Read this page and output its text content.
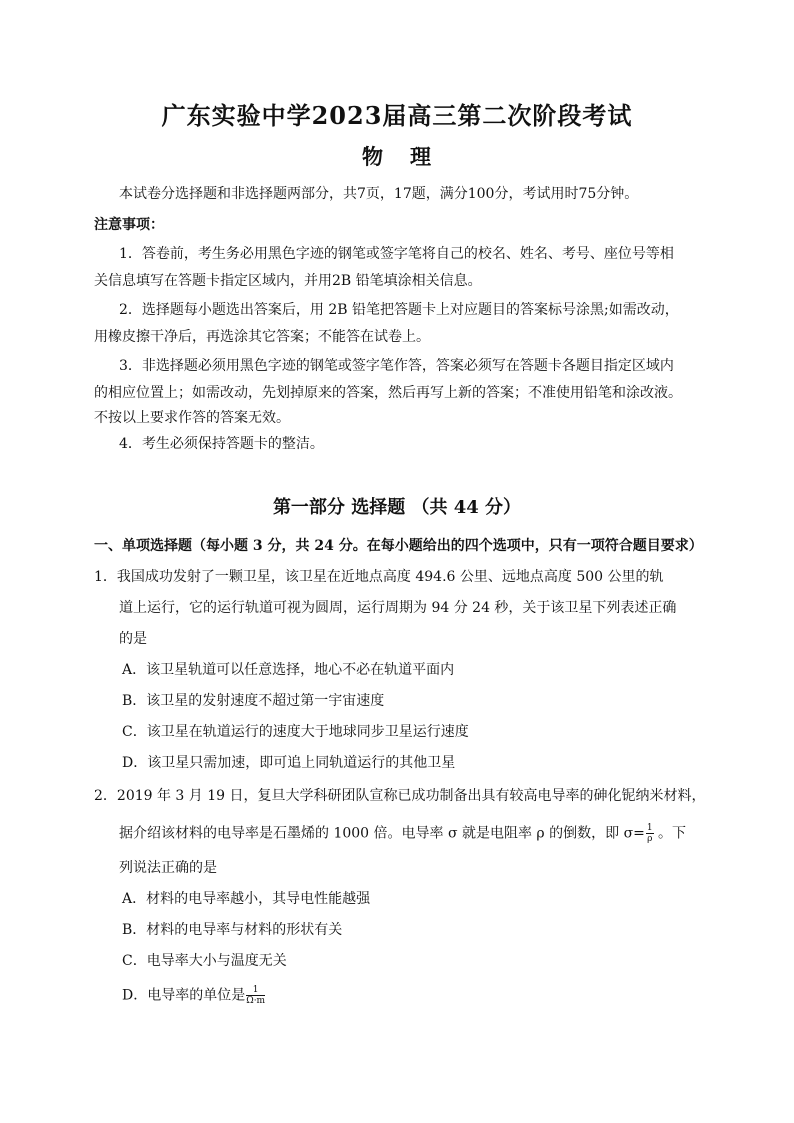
广东实验中学2023届高三第二次阶段考试
物 理
本试卷分选择题和非选择题两部分，共7页，17题，满分100分，考试用时75分钟。
注意事项：
1．答卷前，考生务必用黑色字迹的钢笔或签字笔将自己的校名、姓名、考号、座位号等相
关信息填写在答题卡指定区域内，并用2B 铅笔填涂相关信息。
2．选择题每小题选出答案后，用 2B 铅笔把答题卡上对应题目的答案标号涂黑;如需改动，
用橡皮擦干净后，再选涂其它答案；不能答在试卷上。
3．非选择题必须用黑色字迹的钢笔或签字笔作答，答案必须写在答题卡各题目指定区域内
的相应位置上；如需改动，先划掉原来的答案，然后再写上新的答案；不准使用铅笔和涂改液。
不按以上要求作答的答案无效。
4．考生必须保持答题卡的整洁。
第一部分 选择题 （共 44 分）
一、单项选择题（每小题 3 分，共 24 分。在每小题给出的四个选项中，只有一项符合题目要求）
1．我国成功发射了一颗卫星，该卫星在近地点高度 494.6 公里、远地点高度 500 公里的轨
道上运行，它的运行轨道可视为圆周，运行周期为 94 分 24 秒，关于该卫星下列表述正确
的是
A．该卫星轨道可以任意选择，地心不必在轨道平面内
B．该卫星的发射速度不超过第一宇宙速度
C．该卫星在轨道运行的速度大于地球同步卫星运行速度
D．该卫星只需加速，即可追上同轨道运行的其他卫星
2．2019 年 3 月 19 日，复旦大学科研团队宣称已成功制备出具有较高电导率的砷化铌纳米材料，
据介绍该材料的电导率是石墨烯的 1000 倍。电导率 σ 就是电阻率 ρ 的倒数，即 $\sigma= \frac{1}{\rho}$ 。下
列说法正确的是
A．材料的电导率越小，其导电性能越强
B．材料的电导率与材料的形状有关
C．电导率大小与温度无关
D．电导率的单位是 $\frac{1}{\Omega\cdot m}$
